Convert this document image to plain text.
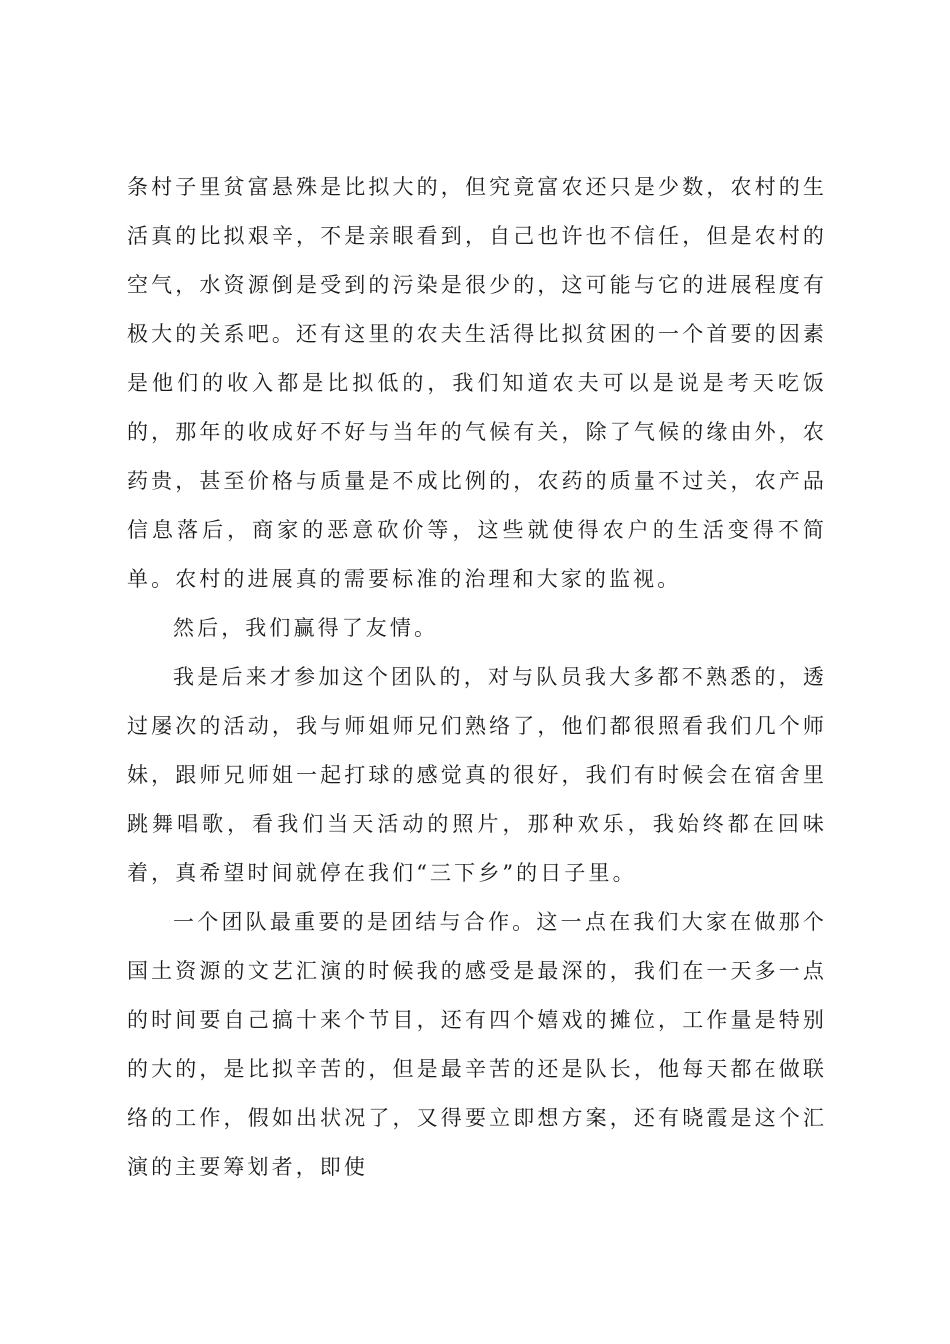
条村子里贫富悬殊是比拟大的，但究竟富农还只是少数，农村的生活真的比拟艰辛，不是亲眼看到，自己也许也不信任，但是农村的空气，水资源倒是受到的污染是很少的，这可能与它的进展程度有极大的关系吧。还有这里的农夫生活得比拟贫困的一个首要的因素是他们的收入都是比拟低的，我们知道农夫可以是说是考天吃饭的，那年的收成好不好与当年的气候有关，除了气候的缘由外，农药贵，甚至价格与质量是不成比例的，农药的质量不过关，农产品信息落后，商家的恶意砍价等，这些就使得农户的生活变得不简单。农村的进展真的需要标准的治理和大家的监视。

然后，我们赢得了友情。

我是后来才参加这个团队的，对与队员我大多都不熟悉的，透过屡次的活动，我与师姐师兄们熟络了，他们都很照看我们几个师妹，跟师兄师姐一起打球的感觉真的很好，我们有时候会在宿舍里跳舞唱歌，看我们当天活动的照片，那种欢乐，我始终都在回味着，真希望时间就停在我们“三下乡”的日子里。

一个团队最重要的是团结与合作。这一点在我们大家在做那个国土资源的文艺汇演的时候我的感受是最深的，我们在一天多一点的时间要自己搞十来个节目，还有四个嬉戏的摊位，工作量是特别的大的，是比拟辛苦的，但是最辛苦的还是队长，他每天都在做联络的工作，假如出状况了，又得要立即想方案，还有晓霞是这个汇演的主要筹划者，即使
